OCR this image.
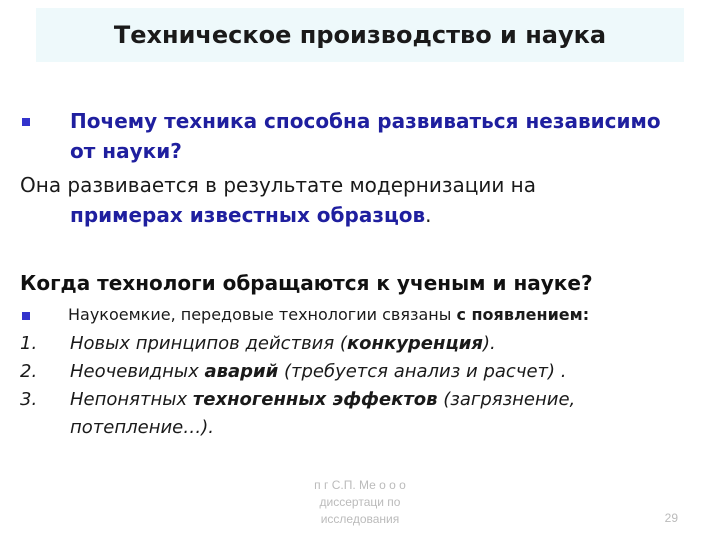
Техническое производство и наука
Почему техника способна развиваться независимо от науки?
Она развивается в результате модернизации на
примерах известных образцов.
Когда технологи обращаются к ученым и науке?
Наукоемкие, передовые технологии связаны с появлением:
1. Новых принципов действия (конкуренция).
2. Неочевидных аварий (требуется анализ и расчет) .
3. Непонятных техногенных эффектов (загрязнение, потепление…).
п г С.П. Ме о о о
диссертаци по
исследования	29
